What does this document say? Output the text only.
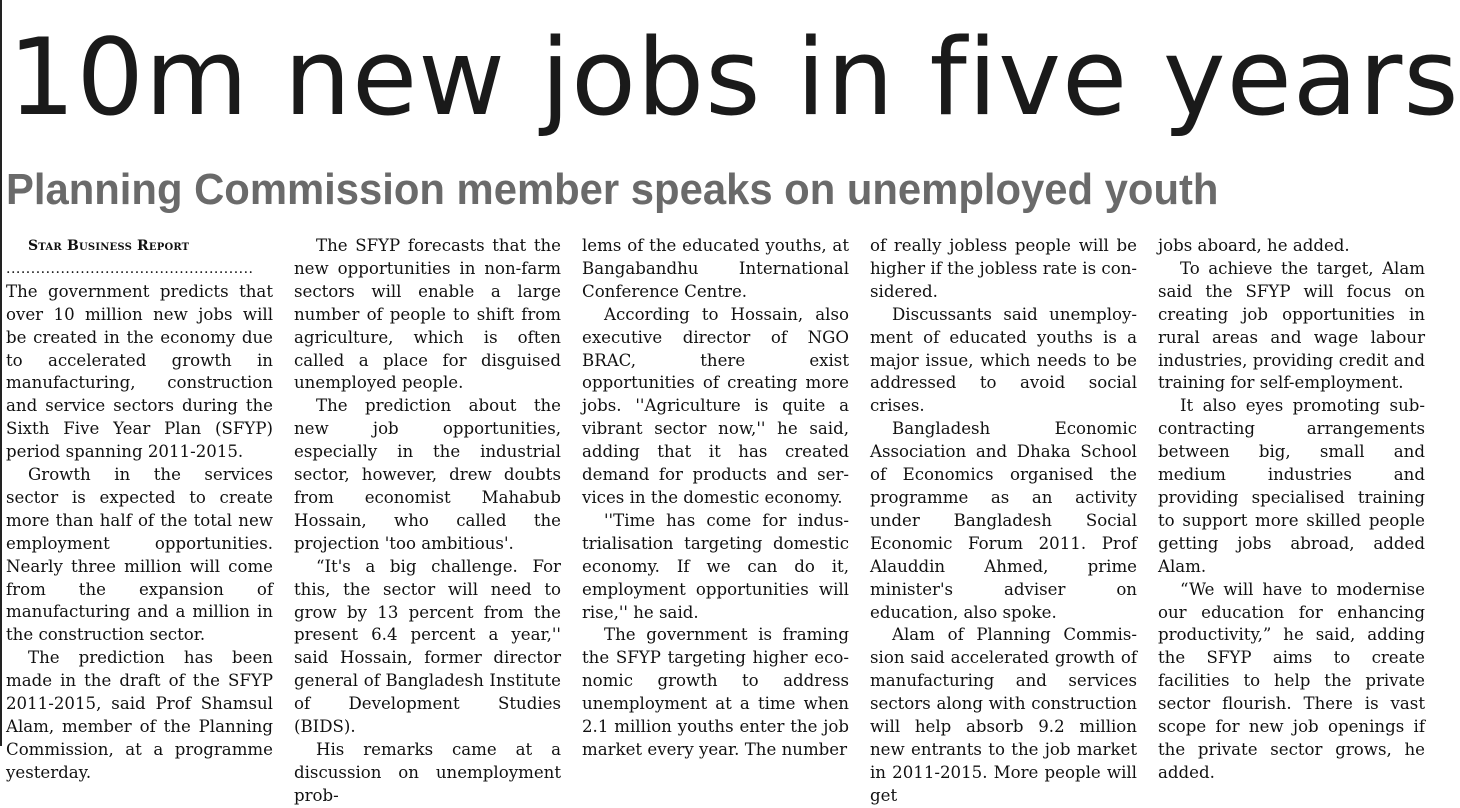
10m new jobs in five years
Planning Commission member speaks on unemployed youth

Star Business Report

..................................................

The government predicts that over 10 million new jobs will be created in the economy due to accelerated growth in manufacturing, construction and service sectors during the Sixth Five Year Plan (SFYP) period spanning 2011-2015.

Growth in the services sector is expected to create more than half of the total new employment opportunities. Nearly three million will come from the expansion of manufacturing and a million in the construction sector.

The prediction has been made in the draft of the SFYP 2011-2015, said Prof Shamsul Alam, member of the Planning Commission, at a programme yesterday.

The SFYP forecasts that the new opportunities in non-farm sectors will enable a large number of people to shift from agriculture, which is often called a place for disguised unemployed people.

The prediction about the new job opportunities, especially in the industrial sector, however, drew doubts from economist Mahabub Hossain, who called the projection 'too ambitious'.

“It's a big challenge. For this, the sector will need to grow by 13 percent from the present 6.4 percent a year,'' said Hossain, former director general of Bangladesh Institute of Development Studies (BIDS).

His remarks came at a discussion on unemployment prob-

lems of the educated youths, at Bangabandhu International Conference Centre.

According to Hossain, also executive director of NGO BRAC, there exist opportunities of creating more jobs. ''Agriculture is quite a vibrant sector now,'' he said, adding that it has created demand for products and services in the domestic economy.

''Time has come for industrialisation targeting domestic economy. If we can do it, employment opportunities will rise,'' he said.

The government is framing the SFYP targeting higher economic growth to address unemployment at a time when 2.1 million youths enter the job market every year. The number

of really jobless people will be higher if the jobless rate is considered.

Discussants said unemployment of educated youths is a major issue, which needs to be addressed to avoid social crises.

Bangladesh Economic Association and Dhaka School of Economics organised the programme as an activity under Bangladesh Social Economic Forum 2011. Prof Alauddin Ahmed, prime minister's adviser on education, also spoke.

Alam of Planning Commission said accelerated growth of manufacturing and services sectors along with construction will help absorb 9.2 million new entrants to the job market in 2011-2015. More people will get

jobs aboard, he added.

To achieve the target, Alam said the SFYP will focus on creating job opportunities in rural areas and wage labour industries, providing credit and training for self-employment.

It also eyes promoting subcontracting arrangements between big, small and medium industries and providing specialised training to support more skilled people getting jobs abroad, added Alam.

“We will have to modernise our education for enhancing productivity,” he said, adding the SFYP aims to create facilities to help the private sector flourish. There is vast scope for new job openings if the private sector grows, he added.
